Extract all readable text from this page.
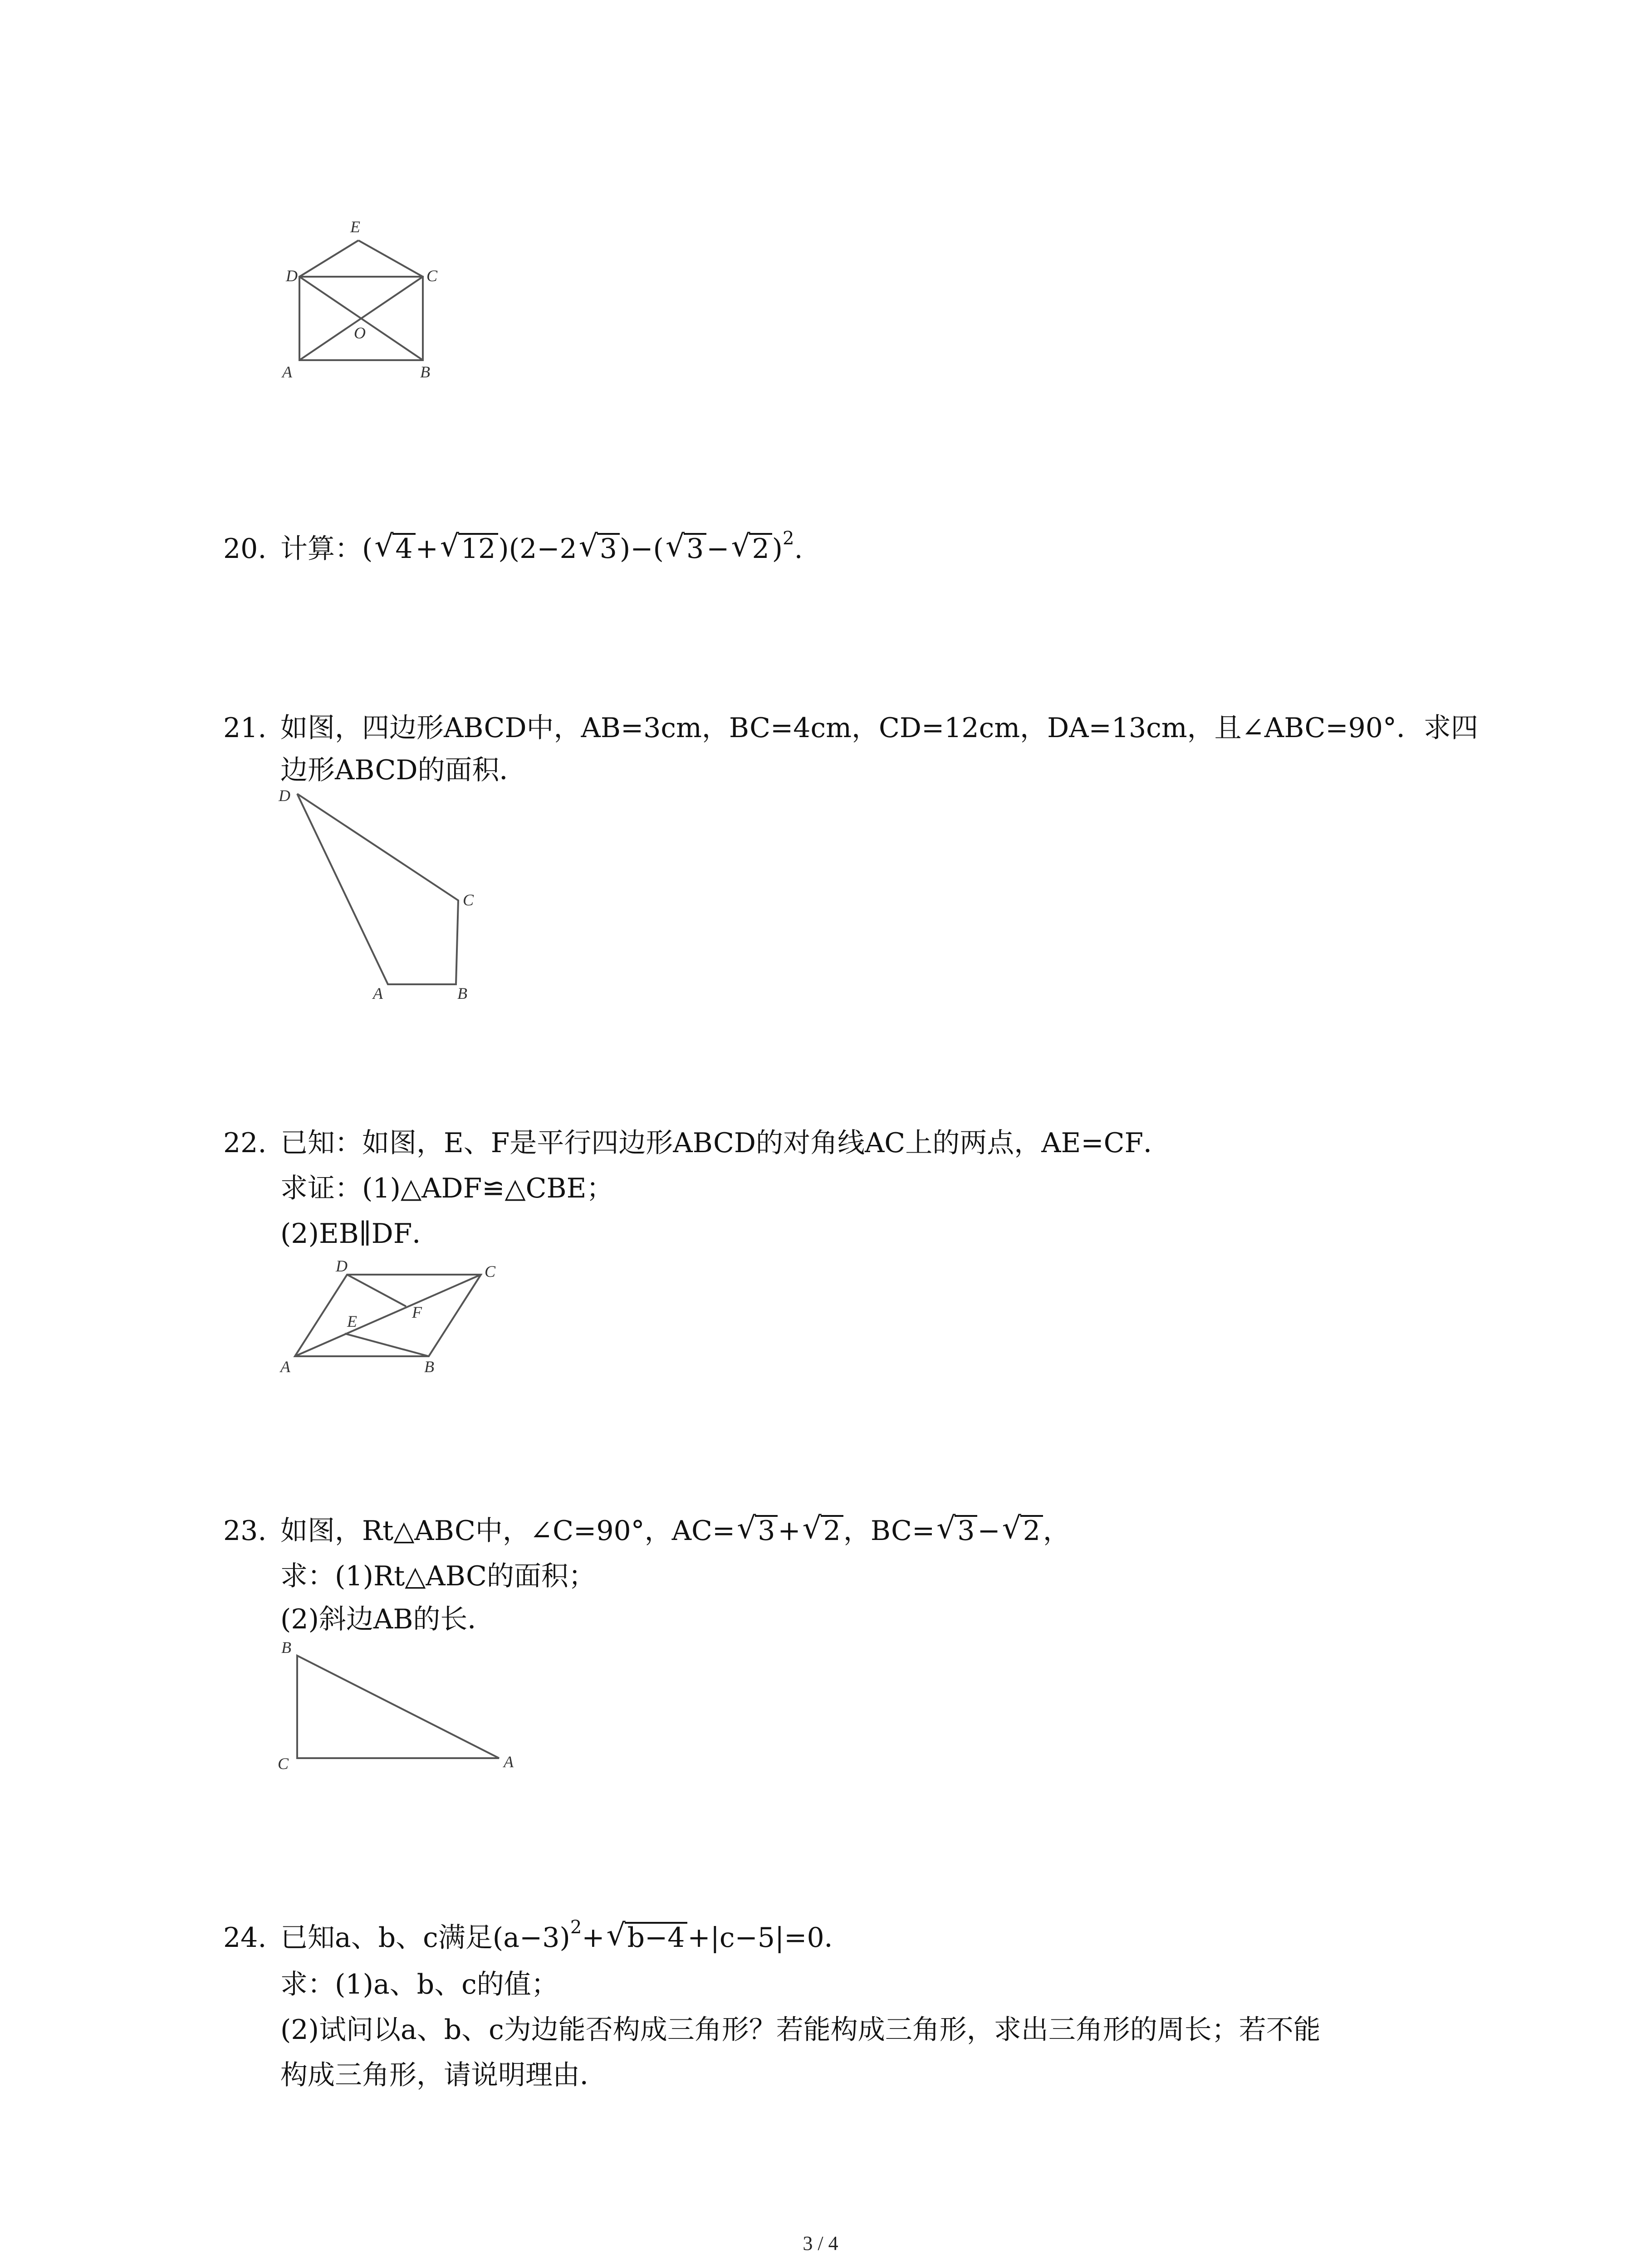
E
D	C
O
A	B
20. 计算：(√ 4 +√ 12 )(2−2√ 3 )−(√ 3 −√ 2 )$^2$.
21. 如图，四边形ABCD中，AB=3cm，BC=4cm，CD=12cm，DA=13cm，且∠ABC=90°．求四
边形ABCD的面积．
D
C
A	B
22. 已知：如图，E、F是平行四边形ABCD的对角线AC上的两点，AE=CF．
求证：(1)△ADF≌△CBE；
(2)EB∥DF．
D	C
E	F
A	B
23. 如图，Rt△ABC中，∠C=90°，AC=√ 3 +√ 2 ，BC=√ 3 −√ 2 ，
求：(1)Rt△ABC的面积；
(2)斜边AB的长．
B
C	A
24. 已知a、b、c满足$(a-3)^2+√$ b−4 +|c−5|=0．
求：(1)a、b、c的值；
(2)试问以a、b、c为边能否构成三角形？若能构成三角形，求出三角形的周长；若不能
构成三角形，请说明理由．
3 / 4
